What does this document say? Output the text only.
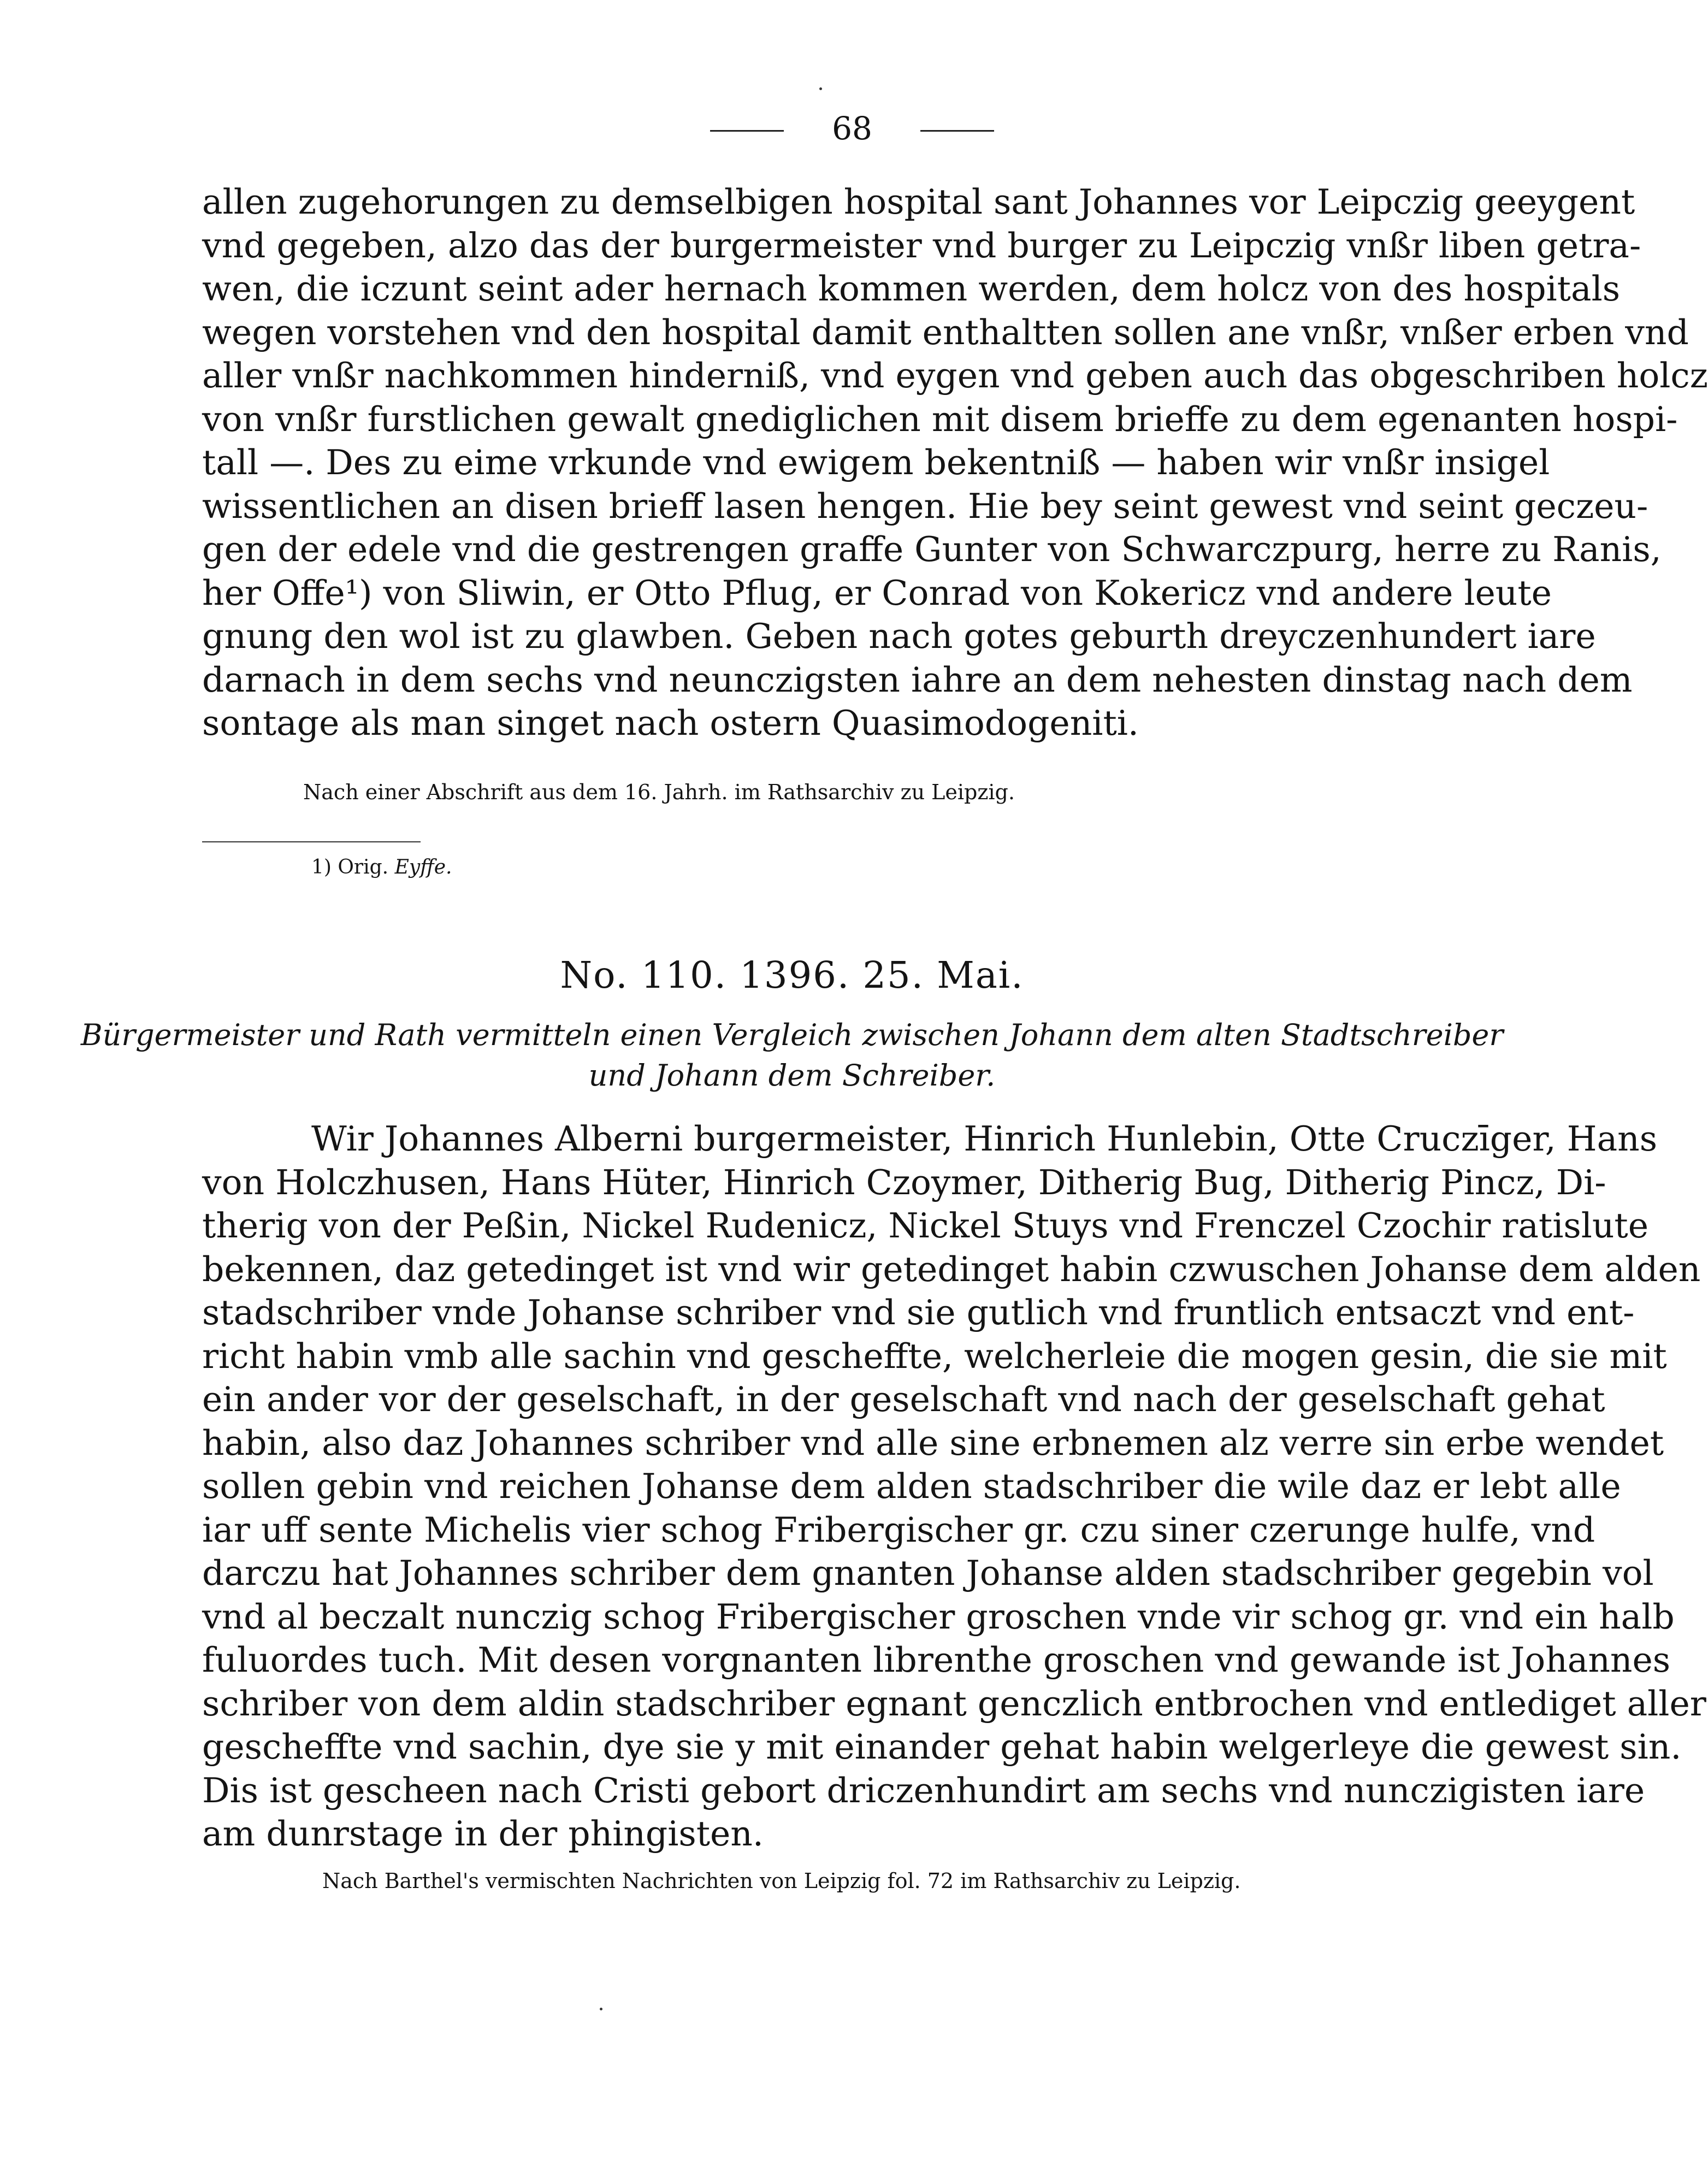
68

allen zugehorungen zu demselbigen hospital sant Johannes vor Leipczig geeygent

vnd gegeben, alzo das der burgermeister vnd burger zu Leipczig vnßr liben getra-

wen, die iczunt seint ader hernach kommen werden, dem holcz von des hospitals

wegen vorstehen vnd den hospital damit enthaltten sollen ane vnßr, vnßer erben vnd

aller vnßr nachkommen hinderniß, vnd eygen vnd geben auch das obgeschriben holcz

von vnßr furstlichen gewalt gnediglichen mit disem brieffe zu dem egenanten hospi-

tall —. Des zu eime vrkunde vnd ewigem bekentniß — haben wir vnßr insigel

wissentlichen an disen brieff lasen hengen. Hie bey seint gewest vnd seint geczeu-

gen der edele vnd die gestrengen graffe Gunter von Schwarczpurg, herre zu Ranis,

her Offe¹) von Sliwin, er Otto Pflug, er Conrad von Kokericz vnd andere leute

gnung den wol ist zu glawben. Geben nach gotes geburth dreyczenhundert iare

darnach in dem sechs vnd neunczigsten iahre an dem nehesten dinstag nach dem

sontage als man singet nach ostern Quasimodogeniti.

Nach einer Abschrift aus dem 16. Jahrh. im Rathsarchiv zu Leipzig.
1) Orig. Eyffe.
No. 110. 1396. 25. Mai.
Bürgermeister und Rath vermitteln einen Vergleich zwischen Johann dem alten Stadtschreiber
und Johann dem Schreiber.

Wir Johannes Alberni burgermeister, Hinrich Hunlebin, Otte Cruczīger, Hans

von Holczhusen, Hans Hüter, Hinrich Czoymer, Ditherig Bug, Ditherig Pincz, Di-

therig von der Peßin, Nickel Rudenicz, Nickel Stuys vnd Frenczel Czochir ratislute

bekennen, daz getedinget ist vnd wir getedinget habin czwuschen Johanse dem alden

stadschriber vnde Johanse schriber vnd sie gutlich vnd fruntlich entsaczt vnd ent-

richt habin vmb alle sachin vnd gescheffte, welcherleie die mogen gesin, die sie mit

ein ander vor der geselschaft, in der geselschaft vnd nach der geselschaft gehat

habin, also daz Johannes schriber vnd alle sine erbnemen alz verre sin erbe wendet

sollen gebin vnd reichen Johanse dem alden stadschriber die wile daz er lebt alle

iar uff sente Michelis vier schog Fribergischer gr. czu siner czerunge hulfe, vnd

darczu hat Johannes schriber dem gnanten Johanse alden stadschriber gegebin vol

vnd al beczalt nunczig schog Fribergischer groschen vnde vir schog gr. vnd ein halb

fuluordes tuch. Mit desen vorgnanten librenthe groschen vnd gewande ist Johannes

schriber von dem aldin stadschriber egnant genczlich entbrochen vnd entlediget aller

gescheffte vnd sachin, dye sie y mit einander gehat habin welgerleye die gewest sin.

Dis ist gescheen nach Cristi gebort driczenhundirt am sechs vnd nunczigisten iare

am dunrstage in der phingisten.

Nach Barthel's vermischten Nachrichten von Leipzig fol. 72 im Rathsarchiv zu Leipzig.
